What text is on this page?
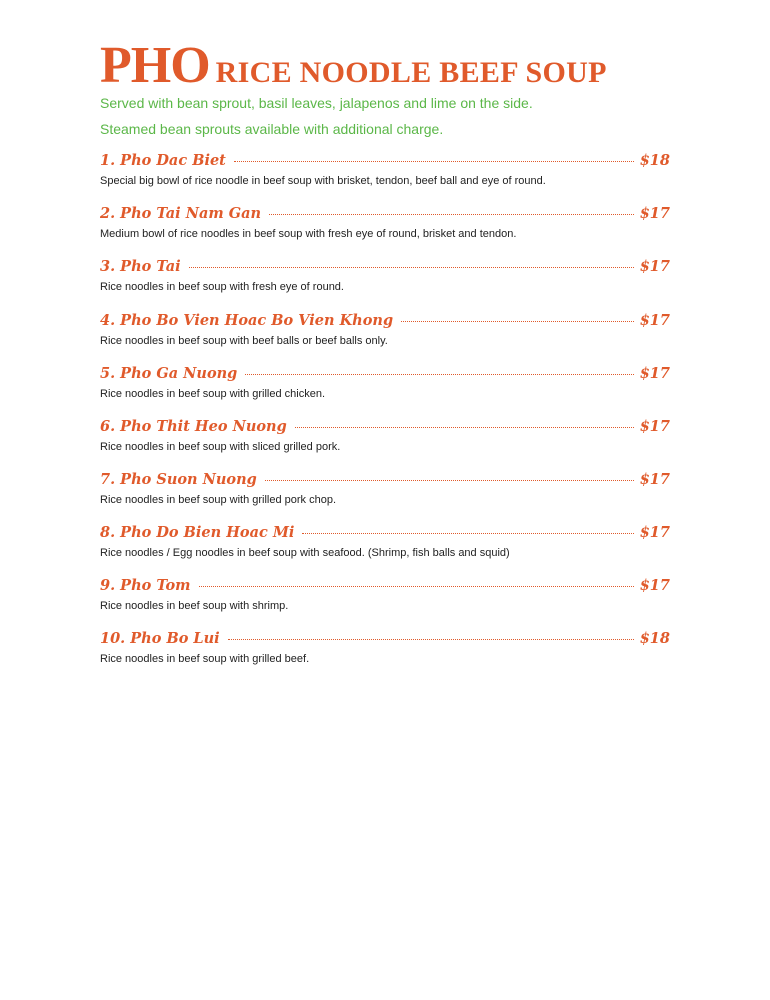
PHO RICE NOODLE BEEF SOUP
Served with bean sprout, basil leaves, jalapenos and lime on the side.
Steamed bean sprouts available with additional charge.
1. Pho Dac Biet	$18
Special big bowl of rice noodle in beef soup with brisket, tendon, beef ball and eye of round.
2. Pho Tai Nam Gan	$17
Medium bowl of rice noodles in beef soup with fresh eye of round, brisket and tendon.
3. Pho Tai	$17
Rice noodles in beef soup with fresh eye of round.
4. Pho Bo Vien Hoac Bo Vien Khong	$17
Rice noodles in beef soup with beef balls or beef balls only.
5. Pho Ga Nuong	$17
Rice noodles in beef soup with grilled chicken.
6. Pho Thit Heo Nuong	$17
Rice noodles in beef soup with sliced grilled pork.
7. Pho Suon Nuong	$17
Rice noodles in beef soup with grilled pork chop.
8. Pho Do Bien Hoac Mi	$17
Rice noodles / Egg noodles in beef soup with seafood. (Shrimp, fish balls and squid)
9. Pho Tom	$17
Rice noodles in beef soup with shrimp.
10. Pho Bo Lui	$18
Rice noodles in beef soup with grilled beef.
